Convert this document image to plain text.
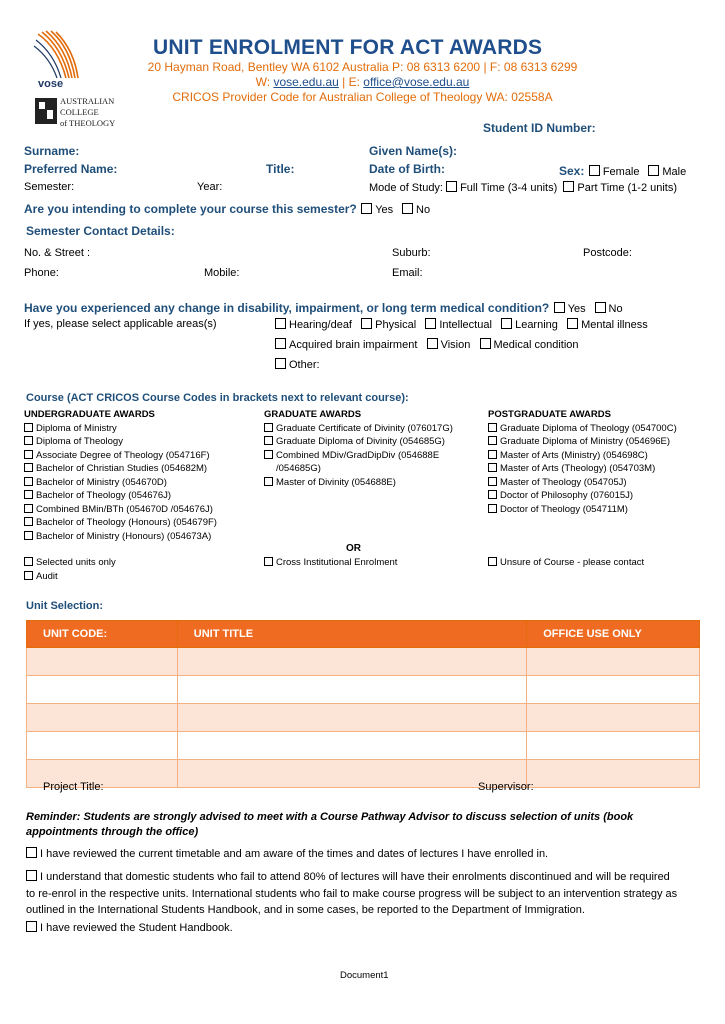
vose
AUSTRALIAN
COLLEGE
of THEOLOGY
UNIT ENROLMENT FOR ACT AWARDS
20 Hayman Road, Bentley WA 6102 Australia P: 08 6313 6200 | F: 08 6313 6299
W: vose.edu.au | E: office@vose.edu.au
CRICOS Provider Code for Australian College of Theology WA: 02558A
Student ID Number:
Surname:	Given Name(s):
Preferred Name:	Title:	Date of Birth:	Sex: Female Male
Semester:	Year:	Mode of Study: Full Time (3-4 units) Part Time (1-2 units)
Are you intending to complete your course this semester? Yes No
Semester Contact Details:
No. & Street :	Suburb:	Postcode:
Phone:	Mobile:	Email:
Have you experienced any change in disability, impairment, or long term medical condition? Yes No
If yes, please select applicable areas(s)	Hearing/deaf Physical Intellectual Learning Mental illness
Acquired brain impairment Vision Medical condition
Other:
Course (ACT CRICOS Course Codes in brackets next to relevant course):
UNDERGRADUATE AWARDS
Diploma of Ministry
Diploma of Theology
Associate Degree of Theology (054716F)
Bachelor of Christian Studies (054682M)
Bachelor of Ministry (054670D)
Bachelor of Theology (054676J)
Combined BMin/BTh (054670D /054676J)
Bachelor of Theology (Honours) (054679F)
Bachelor of Ministry (Honours) (054673A)
GRADUATE AWARDS
Graduate Certificate of Divinity (076017G)
Graduate Diploma of Divinity (054685G)
Combined MDiv/GradDipDiv (054688E
/054685G)
Master of Divinity (054688E)
POSTGRADUATE AWARDS
Graduate Diploma of Theology (054700C)
Graduate Diploma of Ministry (054696E)
Master of Arts (Ministry) (054698C)
Master of Arts (Theology) (054703M)
Master of Theology (054705J)
Doctor of Philosophy (076015J)
Doctor of Theology (054711M)
OR
Selected units only
Audit
Cross Institutional Enrolment	Unsure of Course - please contact
Unit Selection:
UNIT CODE:	UNIT TITLE	OFFICE USE ONLY

Project Title:	Supervisor:
Reminder: Students are strongly advised to meet with a Course Pathway Advisor to discuss selection of units (book appointments through the office)
I have reviewed the current timetable and am aware of the times and dates of lectures I have enrolled in.
I understand that domestic students who fail to attend 80% of lectures will have their enrolments discontinued and will be required
to re-enrol in the respective units. International students who fail to make course progress will be subject to an intervention strategy as
outlined in the International Students Handbook, and in some cases, be reported to the Department of Immigration.
I have reviewed the Student Handbook.
Document1
